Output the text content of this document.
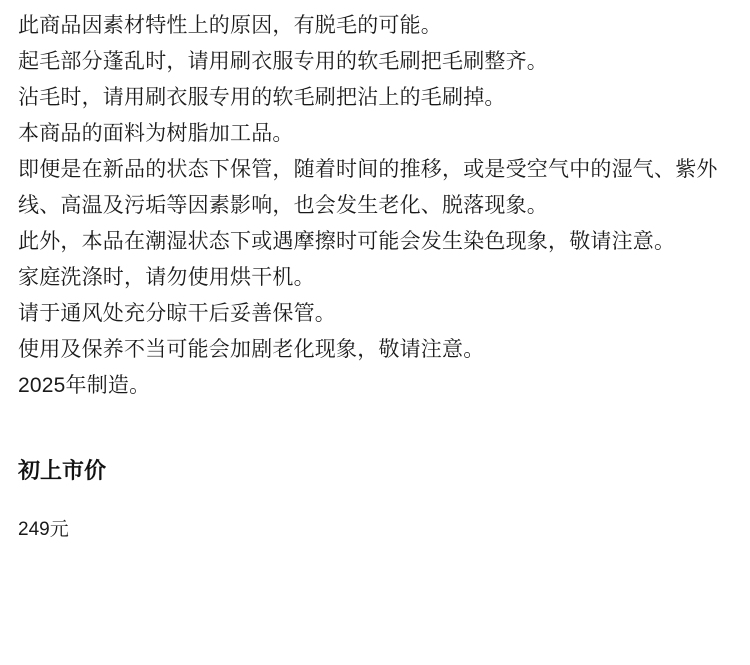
此商品因素材特性上的原因，有脱毛的可能。

起毛部分蓬乱时，请用刷衣服专用的软毛刷把毛刷整齐。

沾毛时，请用刷衣服专用的软毛刷把沾上的毛刷掉。

本商品的面料为树脂加工品。

即便是在新品的状态下保管，随着时间的推移，或是受空气中的湿气、紫外线、高温及污垢等因素影响，也会发生老化、脱落现象。

此外，本品在潮湿状态下或遇摩擦时可能会发生染色现象，敬请注意。

家庭洗涤时，请勿使用烘干机。

请于通风处充分晾干后妥善保管。

使用及保养不当可能会加剧老化现象，敬请注意。

2025年制造。

初上市价

249元
